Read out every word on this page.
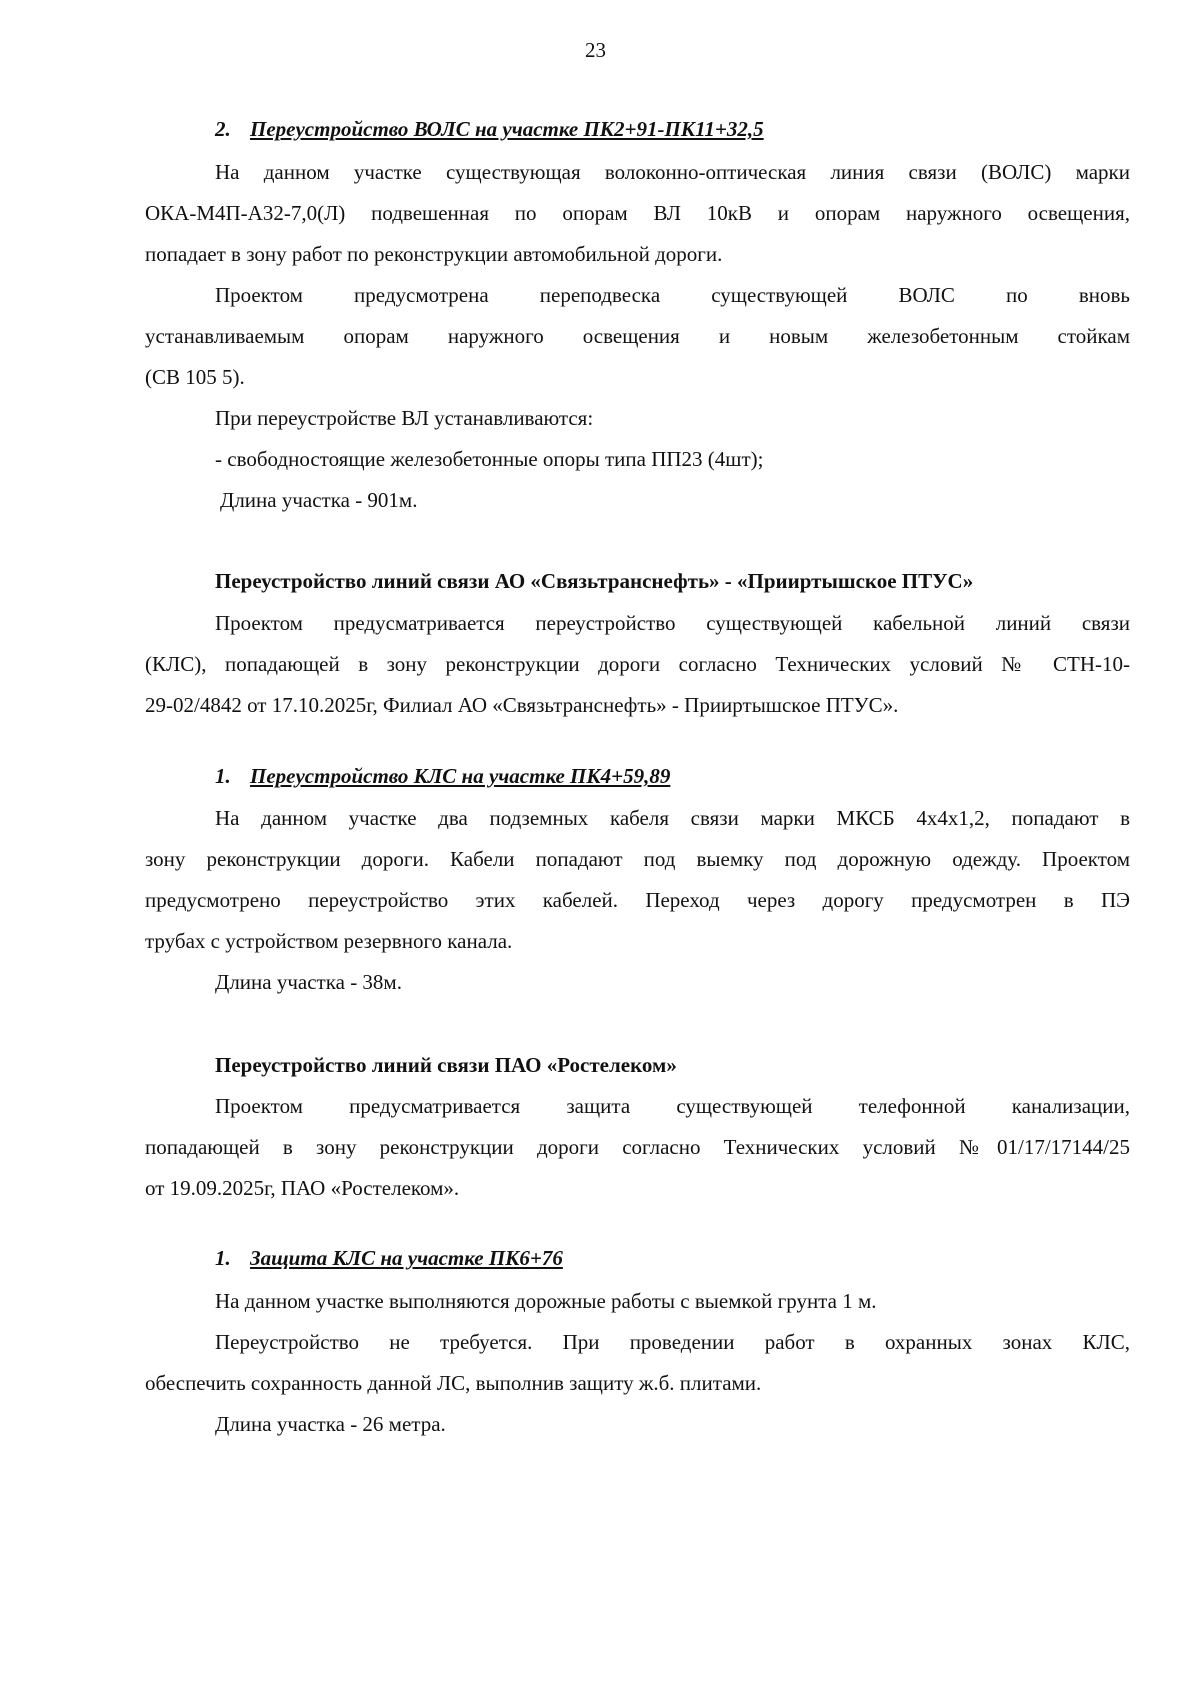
23
2. Переустройство ВОЛС на участке ПК2+91-ПК11+32,5
На данном участке существующая волоконно-оптическая линия связи (ВОЛС) марки
ОКА-М4П-А32-7,0(Л) подвешенная по опорам ВЛ 10кВ и опорам наружного освещения,
попадает в зону работ по реконструкции автомобильной дороги.
Проектом предусмотрена переподвеска существующей ВОЛС по вновь
устанавливаемым опорам наружного освещения и новым железобетонным стойкам
(СВ 105 5).
При переустройстве ВЛ устанавливаются:
- свободностоящие железобетонные опоры типа ПП23 (4шт);
Длина участка - 901м.
Переустройство линий связи АО «Связьтранснефть» - «Прииртышское ПТУС»
Проектом предусматривается переустройство существующей кабельной линий связи
(КЛС), попадающей в зону реконструкции дороги согласно Технических условий № СТН-10-
29-02/4842 от 17.10.2025г, Филиал АО «Связьтранснефть» - Прииртышское ПТУС».
1. Переустройство КЛС на участке ПК4+59,89
На данном участке два подземных кабеля связи марки МКСБ 4х4х1,2, попадают в
зону реконструкции дороги. Кабели попадают под выемку под дорожную одежду. Проектом
предусмотрено переустройство этих кабелей. Переход через дорогу предусмотрен в ПЭ
трубах с устройством резервного канала.
Длина участка - 38м.
Переустройство линий связи ПАО «Ростелеком»
Проектом предусматривается защита существующей телефонной канализации,
попадающей в зону реконструкции дороги согласно Технических условий №01/17/17144/25
от 19.09.2025г, ПАО «Ростелеком».
1. Защита КЛС на участке ПК6+76
На данном участке выполняются дорожные работы с выемкой грунта 1 м.
Переустройство не требуется. При проведении работ в охранных зонах КЛС,
обеспечить сохранность данной ЛС, выполнив защиту ж.б. плитами.
Длина участка - 26 метра.
